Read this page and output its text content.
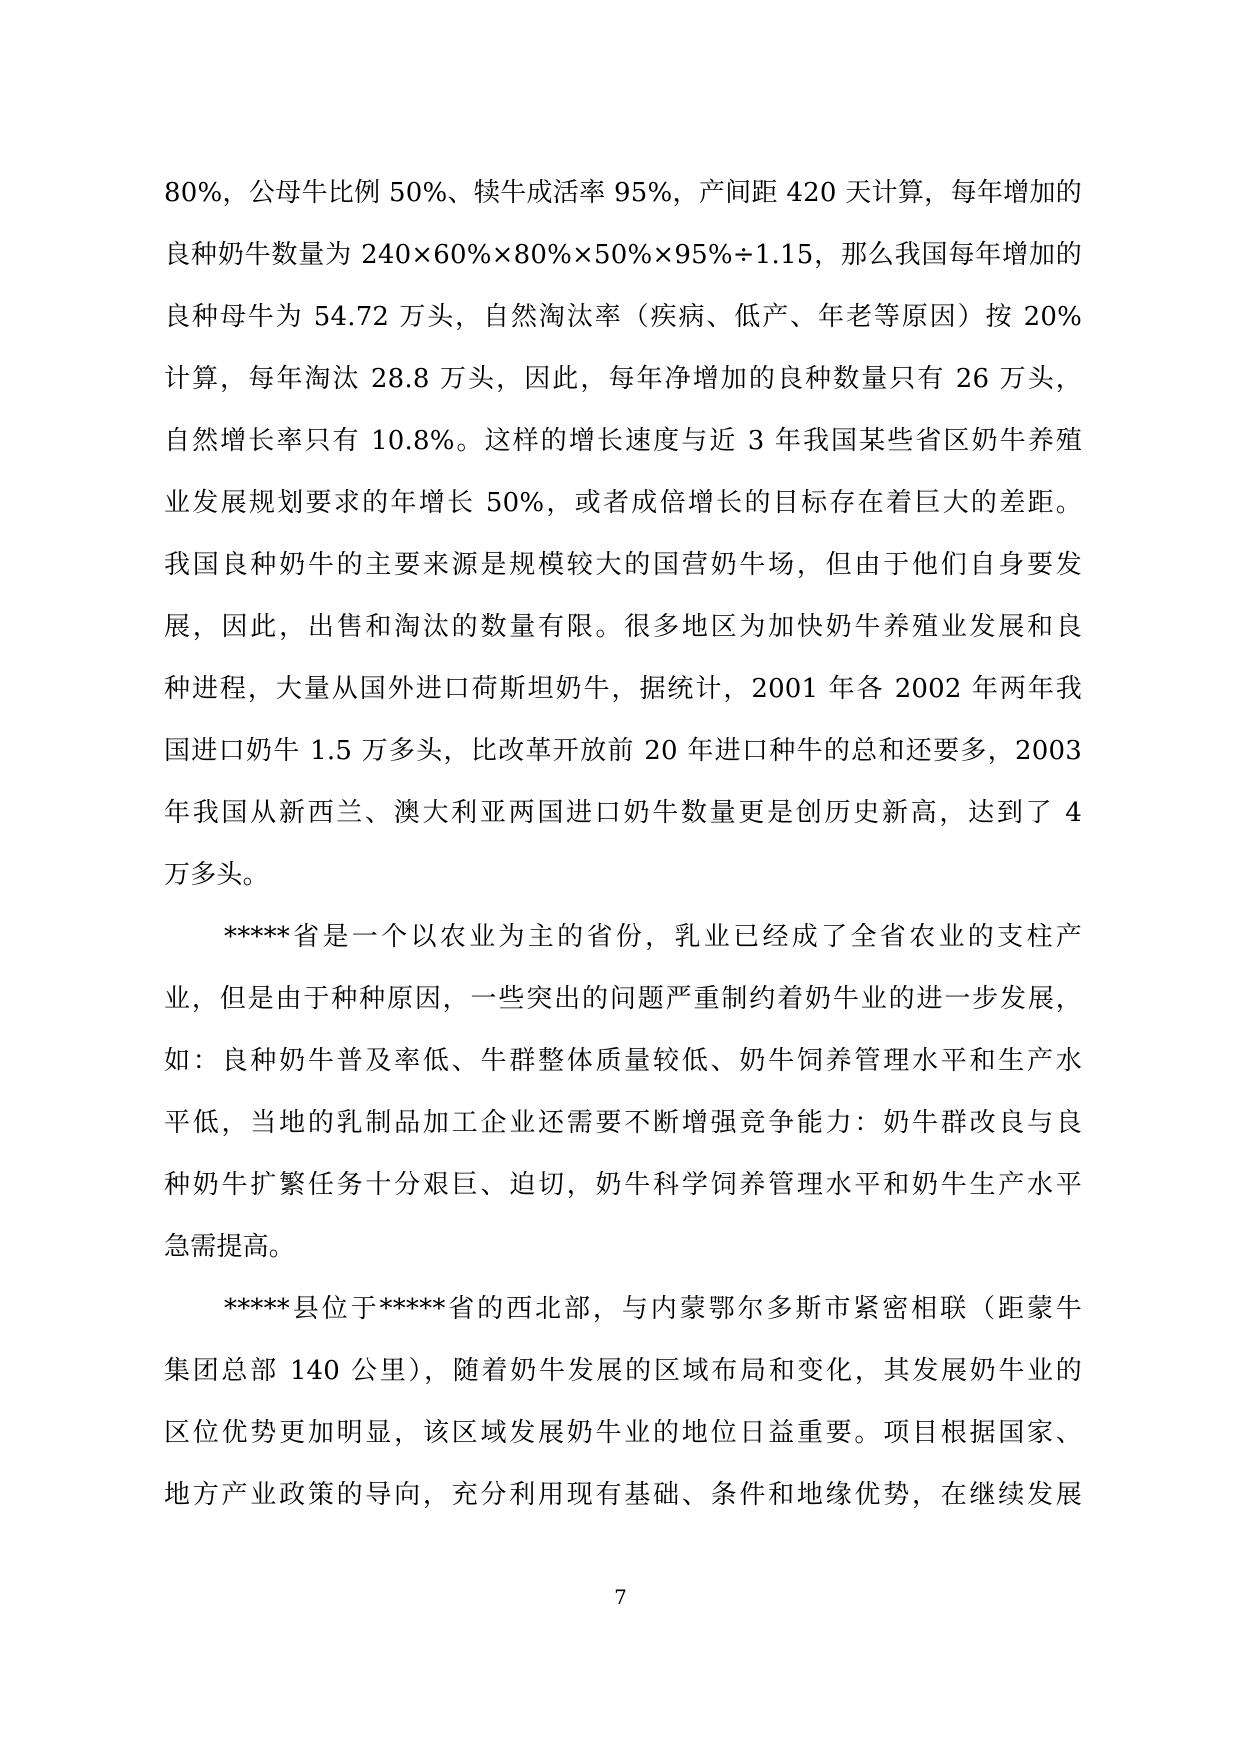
80%，公母牛比例 50%、犊牛成活率 95%，产间距 420 天计算，每年增加的
良种奶牛数量为 240×60%×80%×50%×95%÷1.15，那么我国每年增加的
良种母牛为 54.72 万头，自然淘汰率（疾病、低产、年老等原因）按 20%
计算，每年淘汰 28.8 万头，因此，每年净增加的良种数量只有 26 万头，
自然增长率只有 10.8%。这样的增长速度与近 3 年我国某些省区奶牛养殖
业发展规划要求的年增长 50%，或者成倍增长的目标存在着巨大的差距。
我国良种奶牛的主要来源是规模较大的国营奶牛场，但由于他们自身要发
展，因此，出售和淘汰的数量有限。很多地区为加快奶牛养殖业发展和良
种进程，大量从国外进口荷斯坦奶牛，据统计，2001 年各 2002 年两年我
国进口奶牛 1.5 万多头，比改革开放前 20 年进口种牛的总和还要多，2003
年我国从新西兰、澳大利亚两国进口奶牛数量更是创历史新高，达到了 4
万多头。
*****省是一个以农业为主的省份，乳业已经成了全省农业的支柱产
业，但是由于种种原因，一些突出的问题严重制约着奶牛业的进一步发展，
如：良种奶牛普及率低、牛群整体质量较低、奶牛饲养管理水平和生产水
平低，当地的乳制品加工企业还需要不断增强竞争能力：奶牛群改良与良
种奶牛扩繁任务十分艰巨、迫切，奶牛科学饲养管理水平和奶牛生产水平
急需提高。
*****县位于*****省的西北部，与内蒙鄂尔多斯市紧密相联（距蒙牛
集团总部 140 公里），随着奶牛发展的区域布局和变化，其发展奶牛业的
区位优势更加明显，该区域发展奶牛业的地位日益重要。项目根据国家、
地方产业政策的导向，充分利用现有基础、条件和地缘优势，在继续发展
7
